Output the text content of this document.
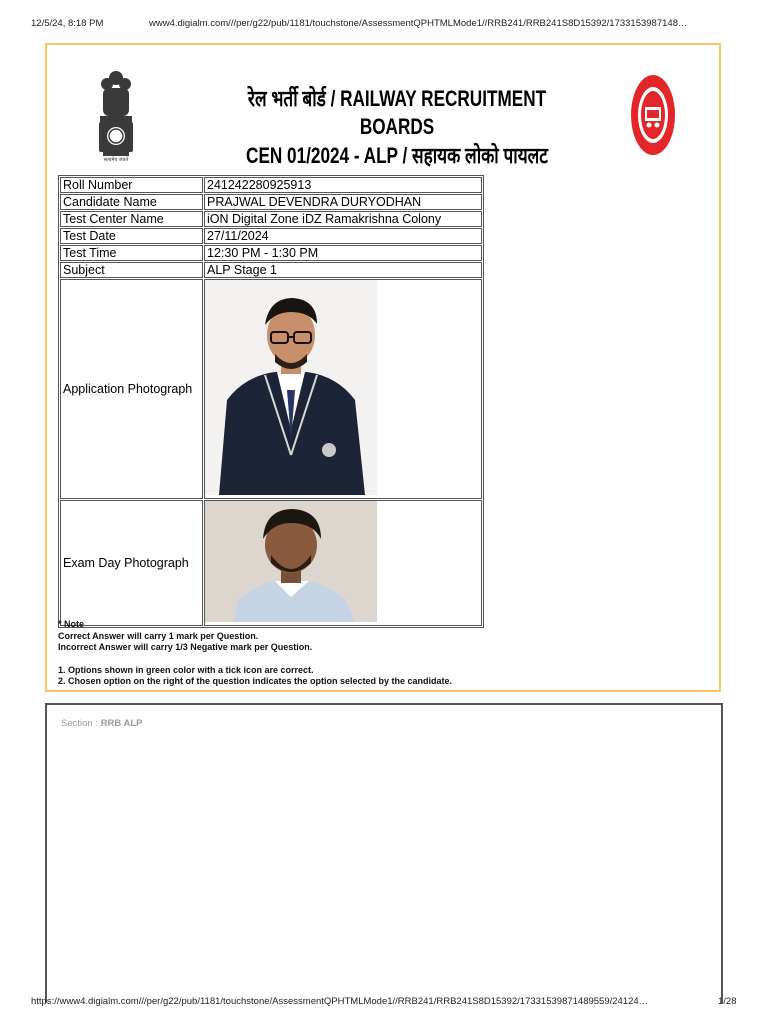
12/5/24, 8:18 PM	www4.digialm.com///per/g22/pub/1181/touchstone/AssessmentQPHTMLMode1//RRB241/RRB241S8D15392/1733153987148…
सत्यमेव जयते
रेल भर्ती बोर्ड / RAILWAY RECRUITMENT BOARDS
CEN 01/2024 - ALP / सहायक लोको पायलट
Roll Number	241242280925913
Candidate Name	PRAJWAL DEVENDRA DURYODHAN
Test Center Name	iON Digital Zone iDZ Ramakrishna Colony
Test Date	27/11/2024
Test Time	12:30 PM - 1:30 PM
Subject	ALP Stage 1
Application Photograph	
Exam Day Photograph	

* Note

Correct Answer will carry 1 mark per Question.

Incorrect Answer will carry 1/3 Negative mark per Question.

1. Options shown in green color with a tick icon are correct.

2. Chosen option on the right of the question indicates the option selected by the candidate.

Section : RRB ALP
https://www4.digialm.com///per/g22/pub/1181/touchstone/AssessmentQPHTMLMode1//RRB241/RRB241S8D15392/17331539871489559/24124…	1/28
